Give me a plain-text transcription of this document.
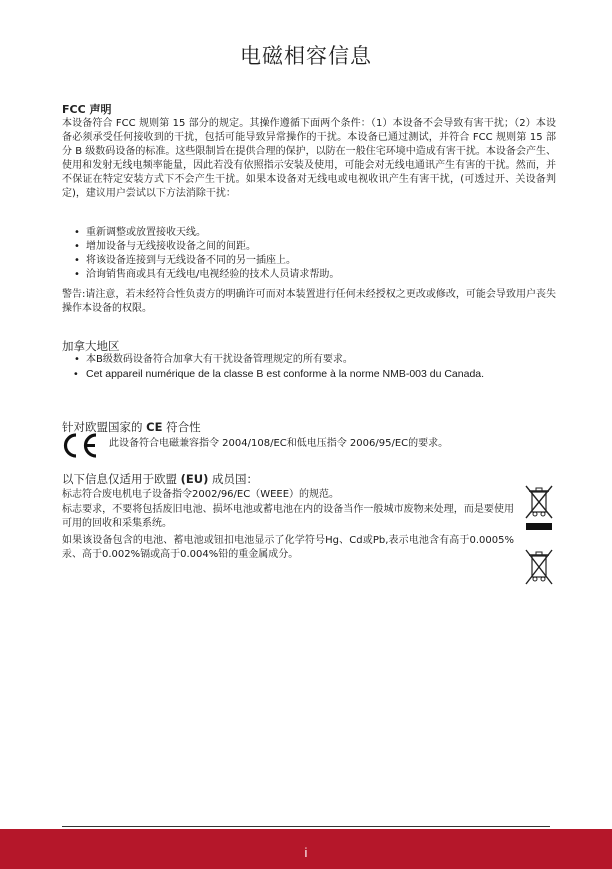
电磁相容信息
FCC 声明
本设备符合 FCC 规则第 15 部分的规定。其操作遵循下面两个条件：（1）本设备不会导致有害干扰；（2）本设备必须承受任何接收到的干扰，包括可能导致异常操作的干扰。本设备已通过测试，并符合 FCC 规则第 15 部分 B 级数码设备的标准。这些限制旨在提供合理的保护，以防在一般住宅环境中造成有害干扰。本设备会产生、使用和发射无线电频率能量，因此若没有依照指示安装及使用，可能会对无线电通讯产生有害的干扰。然而，并不保证在特定安装方式下不会产生干扰。如果本设备对无线电或电视收讯产生有害干扰，(可透过开、关设备判定)，建议用户尝试以下方法消除干扰：
• 重新调整或放置接收天线。
• 增加设备与无线接收设备之间的间距。
• 将该设备连接到与无线设备不同的另一插座上。
• 洽询销售商或具有无线电/电视经验的技术人员请求帮助。
警告:请注意，若未经符合性负责方的明确许可而对本装置进行任何未经授权之更改或修改，可能会导致用户丧失操作本设备的权限。
加拿大地区
• 本B级数码设备符合加拿大有干扰设备管理规定的所有要求。
• Cet appareil numérique de la classe B est conforme à la norme NMB-003 du Canada.
针对欧盟国家的 CE 符合性
此设备符合电磁兼容指令 2004/108/EC和低电压指令 2006/95/EC的要求。
以下信息仅适用于欧盟 (EU) 成员国：
标志符合废电机电子设备指令2002/96/EC（WEEE）的规范。
标志要求，不要将包括废旧电池、损坏电池或蓄电池在内的设备当作一般城市废物来处理，而是要使用可用的回收和采集系统。
如果该设备包含的电池、蓄电池或钮扣电池显示了化学符号Hg、Cd或Pb,表示电池含有高于0.0005%汞、高于0.002%镉或高于0.004%铅的重金属成分。
i
